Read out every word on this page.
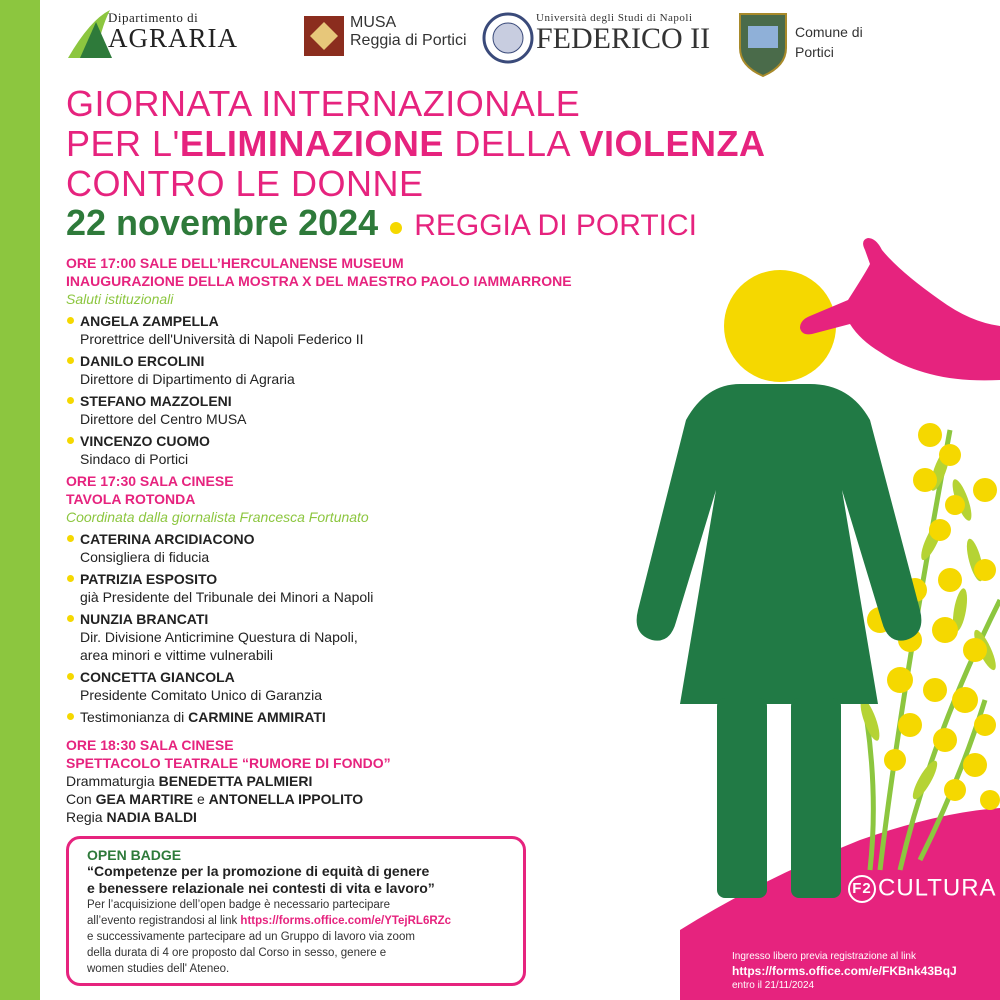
Dipartimento di
AGRARIA
MUSA
Reggia di Portici
Università degli Studi di Napoli
FEDERICO II	Comune di
Portici
GIORNATA INTERNAZIONALE
PER L'ELIMINAZIONE DELLA VIOLENZA
CONTRO LE DONNE
22 novembre 2024 REGGIA DI PORTICI
ORE 17:00 SALE DELL’HERCULANENSE MUSEUM
INAUGURAZIONE DELLA MOSTRA X DEL MAESTRO PAOLO IAMMARRONE
Saluti istituzionali
ANGELA ZAMPELLA
Prorettrice dell'Università di Napoli Federico II
DANILO ERCOLINI
Direttore di Dipartimento di Agraria
STEFANO MAZZOLENI
Direttore del Centro MUSA
VINCENZO CUOMO
Sindaco di Portici
ORE 17:30 SALA CINESE
TAVOLA ROTONDA
Coordinata dalla giornalista Francesca Fortunato
CATERINA ARCIDIACONO
Consigliera di fiducia
PATRIZIA ESPOSITO
già Presidente del Tribunale dei Minori a Napoli
NUNZIA BRANCATI
Dir. Divisione Anticrimine Questura di Napoli,
area minori e vittime vulnerabili
CONCETTA GIANCOLA
Presidente Comitato Unico di Garanzia
Testimonianza di CARMINE AMMIRATI
ORE 18:30 SALA CINESE
SPETTACOLO TEATRALE “RUMORE DI FONDO”
Drammaturgia BENEDETTA PALMIERI
Con GEA MARTIRE e ANTONELLA IPPOLITO
Regia NADIA BALDI
OPEN BADGE
“Competenze per la promozione di equità di genere
e benessere relazionale nei contesti di vita e lavoro”
Per l’acquisizione dell’open badge è necessario partecipare
all’evento registrandosi al link https://forms.office.com/e/YTejRL6RZc
e successivamente partecipare ad un Gruppo di lavoro via zoom
della durata di 4 ore proposto dal Corso in sesso, genere e
women studies dell' Ateneo.
F2 CULTURA
Ingresso libero previa registrazione al link
https://forms.office.com/e/FKBnk43BqJ
entro il 21/11/2024
